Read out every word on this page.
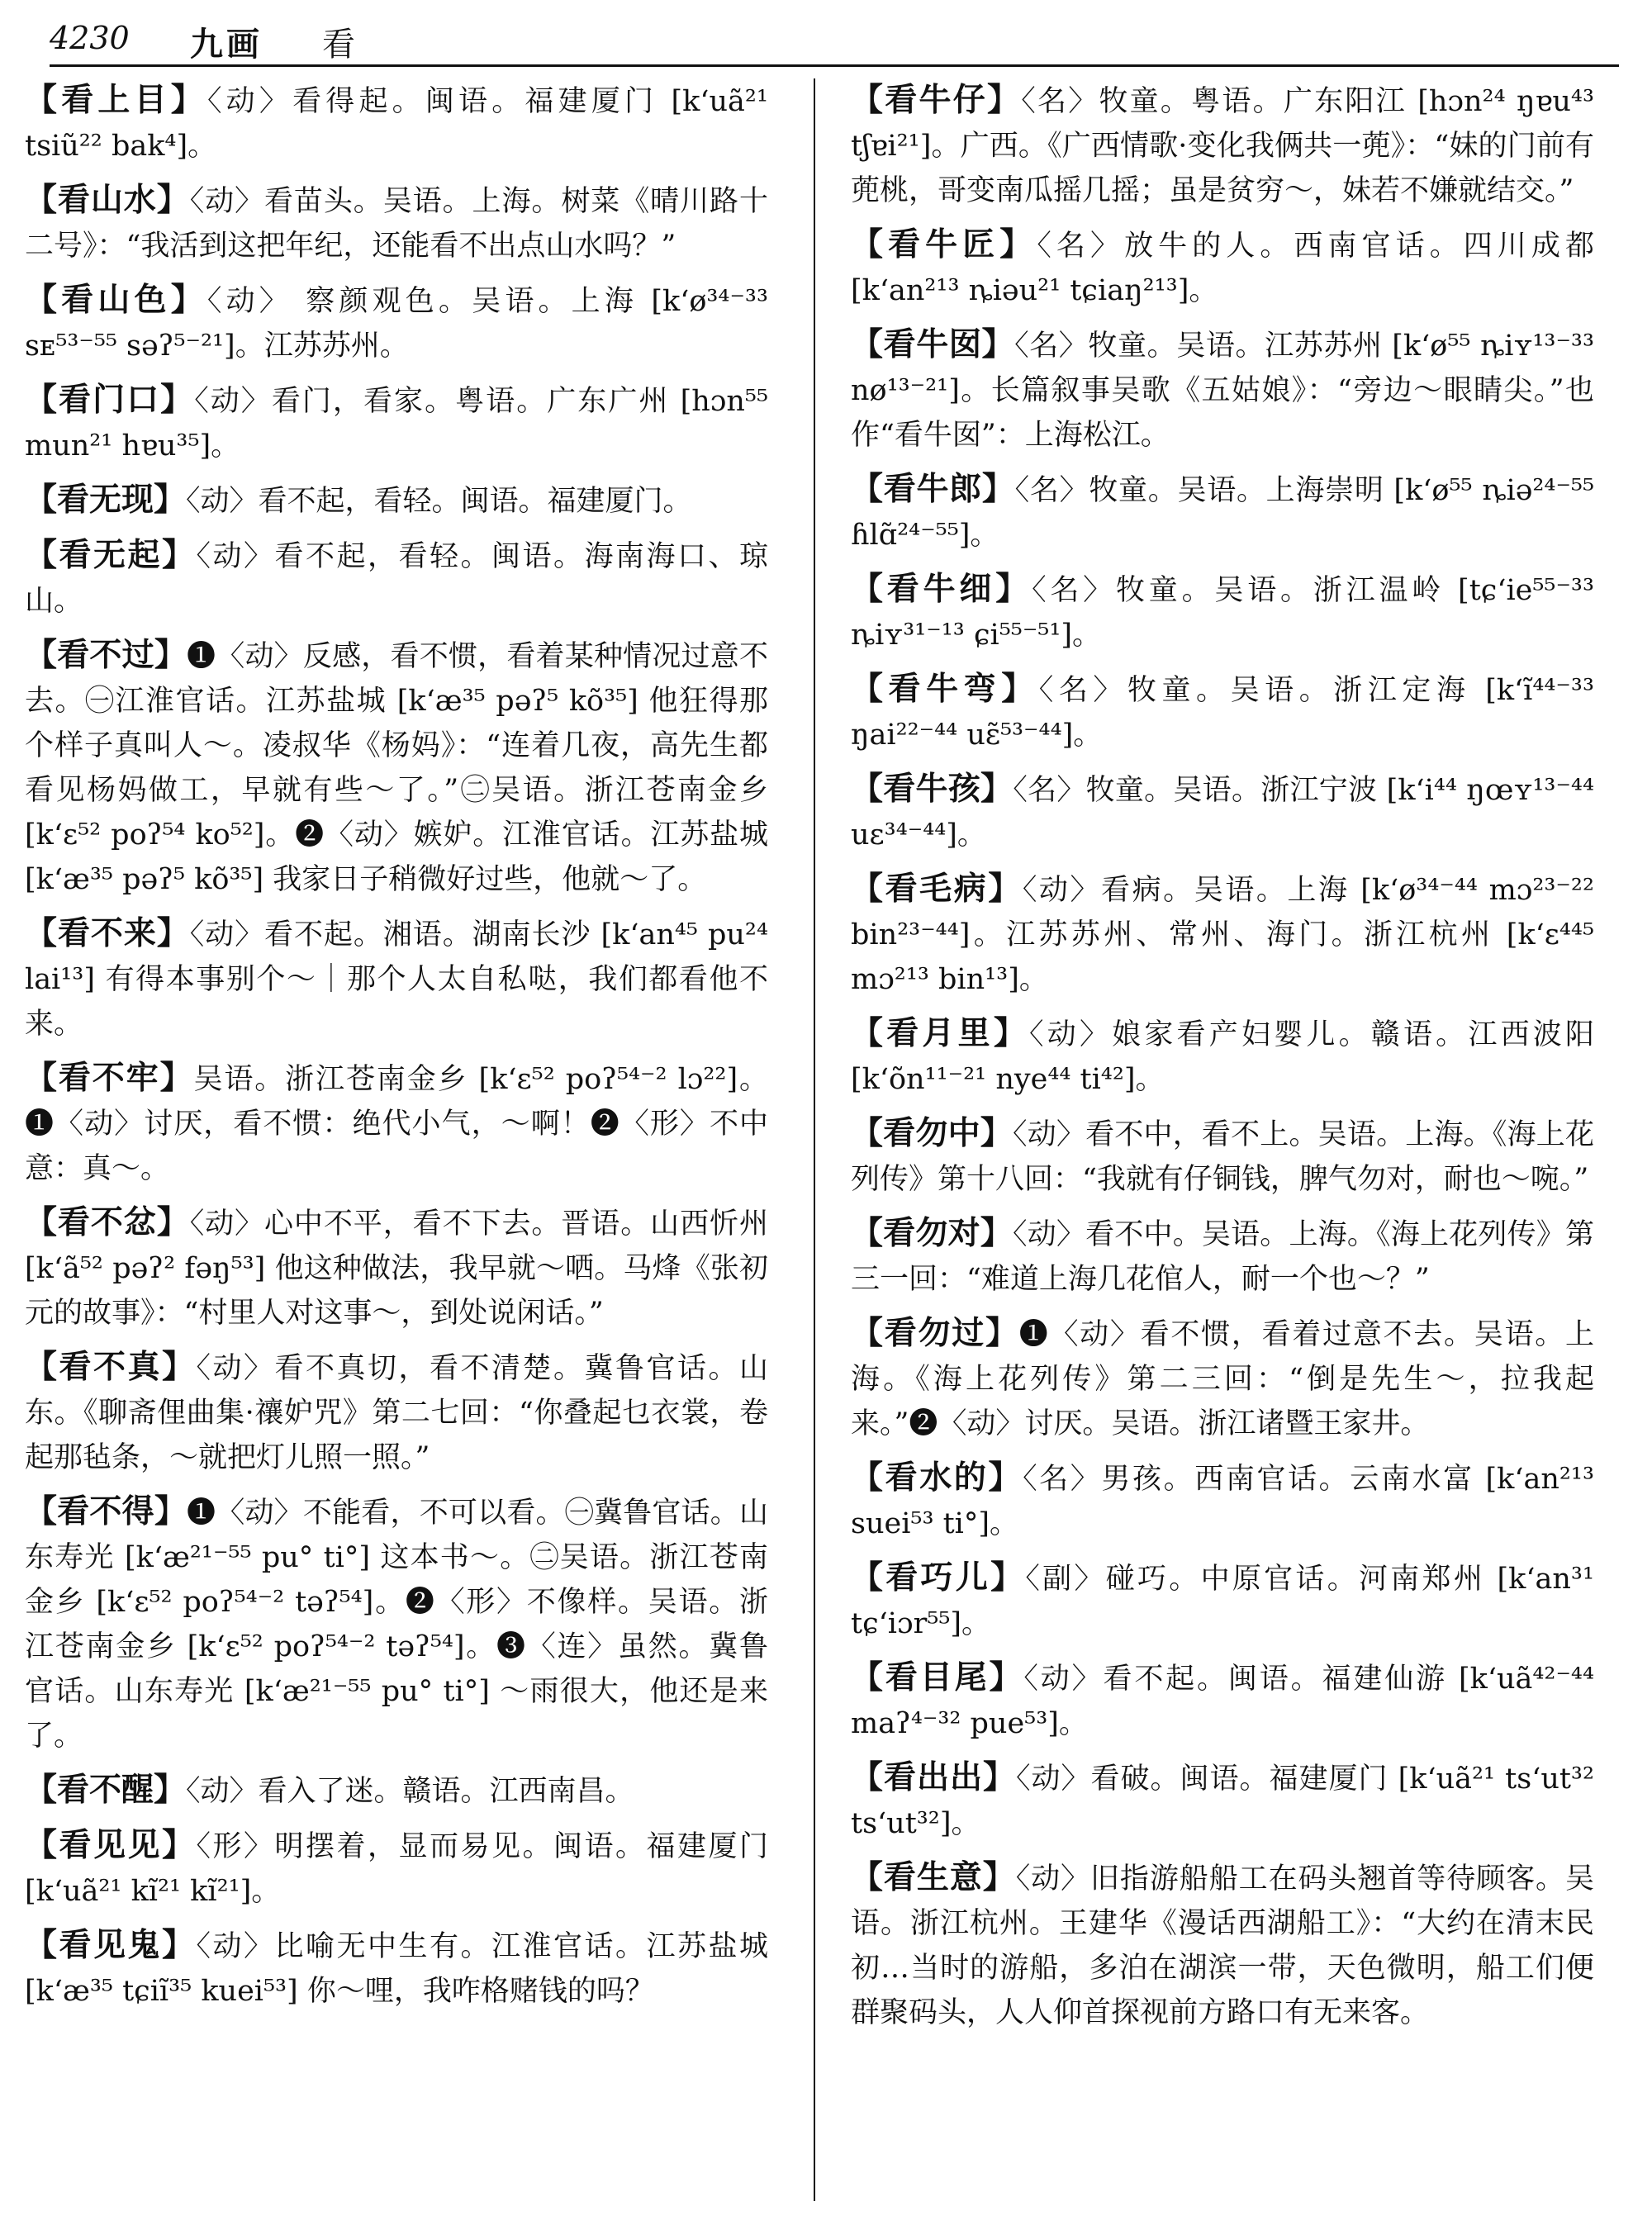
4230 九画 看

【看上目】〈动〉看得起。闽语。福建厦门 [k‘uã²¹ tsiũ²² bak⁴]。

【看山水】〈动〉看苗头。吴语。上海。树菜《晴川路十二号》：“我活到这把年纪，还能看不出点山水吗？”

【看山色】〈动〉 察颜观色。吴语。上海 [k‘ø³⁴⁻³³ sᴇ⁵³⁻⁵⁵ səʔ⁵⁻²¹]。江苏苏州。

【看门口】〈动〉看门，看家。粤语。广东广州 [hɔn⁵⁵ mun²¹ hɐu³⁵]。

【看无现】〈动〉看不起，看轻。闽语。福建厦门。

【看无起】〈动〉看不起，看轻。闽语。海南海口、琼山。

【看不过】❶〈动〉反感，看不惯，看着某种情况过意不去。㊀江淮官话。江苏盐城 [k‘æ³⁵ pəʔ⁵ kõ³⁵] 他狂得那个样子真叫人～。凌叔华《杨妈》：“连着几夜，高先生都看见杨妈做工，早就有些～了。”㊁吴语。浙江苍南金乡 [k‘ɛ⁵² poʔ⁵⁴ ko⁵²]。❷〈动〉嫉妒。江淮官话。江苏盐城 [k‘æ³⁵ pəʔ⁵ kõ³⁵] 我家日子稍微好过些，他就～了。

【看不来】〈动〉看不起。湘语。湖南长沙 [k‘an⁴⁵ pu²⁴ lai¹³] 有得本事别个～｜那个人太自私哒，我们都看他不来。

【看不牢】吴语。浙江苍南金乡 [k‘ɛ⁵² poʔ⁵⁴⁻² lɔ²²]。❶〈动〉讨厌，看不惯：绝代小气，～啊！❷〈形〉不中意：真～。

【看不忿】〈动〉心中不平，看不下去。晋语。山西忻州 [k‘ã⁵² pəʔ² fəŋ⁵³] 他这种做法，我早就～哂。马烽《张初元的故事》：“村里人对这事～，到处说闲话。”

【看不真】〈动〉看不真切，看不清楚。冀鲁官话。山东。《聊斋俚曲集·禳妒咒》第二七回：“你叠起乜衣裳，卷起那毡条，～就把灯儿照一照。”

【看不得】❶〈动〉不能看，不可以看。㊀冀鲁官话。山东寿光 [k‘æ²¹⁻⁵⁵ pu° ti°] 这本书～。㊁吴语。浙江苍南金乡 [k‘ɛ⁵² poʔ⁵⁴⁻² təʔ⁵⁴]。❷〈形〉不像样。吴语。浙江苍南金乡 [k‘ɛ⁵² poʔ⁵⁴⁻² təʔ⁵⁴]。❸〈连〉虽然。冀鲁官话。山东寿光 [k‘æ²¹⁻⁵⁵ pu° ti°] ～雨很大，他还是来了。

【看不醒】〈动〉看入了迷。赣语。江西南昌。

【看见见】〈形〉明摆着，显而易见。闽语。福建厦门 [k‘uã²¹ kĩ²¹ kĩ²¹]。

【看见鬼】〈动〉比喻无中生有。江淮官话。江苏盐城 [k‘æ³⁵ tɕiĩ³⁵ kuei⁵³] 你～哩，我咋格赌钱的吗？

【看牛仔】〈名〉牧童。粤语。广东阳江 [hɔn²⁴ ŋɐu⁴³ tʃɐi²¹]。广西。《广西情歌·变化我俩共一蔸》：“妹的门前有蔸桃，哥变南瓜摇几摇；虽是贫穷～，妹若不嫌就结交。”

【看牛匠】〈名〉放牛的人。西南官话。四川成都 [k‘an²¹³ ȵiəu²¹ tɕiaŋ²¹³]。

【看牛囡】〈名〉牧童。吴语。江苏苏州 [k‘ø⁵⁵ ȵiʏ¹³⁻³³ nø¹³⁻²¹]。长篇叙事吴歌《五姑娘》：“旁边～眼睛尖。”也作“看牛囡”：上海松江。

【看牛郎】〈名〉牧童。吴语。上海崇明 [k‘ø⁵⁵ ȵiə²⁴⁻⁵⁵ ɦlɑ̃²⁴⁻⁵⁵]。

【看牛细】〈名〉牧童。吴语。浙江温岭 [tɕ‘ie⁵⁵⁻³³ ȵiʏ³¹⁻¹³ ɕi⁵⁵⁻⁵¹]。

【看牛弯】〈名〉牧童。吴语。浙江定海 [k‘ĩ⁴⁴⁻³³ ŋai²²⁻⁴⁴ uɛ̃⁵³⁻⁴⁴]。

【看牛孩】〈名〉牧童。吴语。浙江宁波 [k‘i⁴⁴ ŋœʏ¹³⁻⁴⁴ uɛ³⁴⁻⁴⁴]。

【看毛病】〈动〉看病。吴语。上海 [k‘ø³⁴⁻⁴⁴ mɔ²³⁻²² bin²³⁻⁴⁴]。江苏苏州、常州、海门。浙江杭州 [k‘ɛ⁴⁴⁵ mɔ²¹³ bin¹³]。

【看月里】〈动〉娘家看产妇婴儿。赣语。江西波阳 [k‘õn¹¹⁻²¹ nye⁴⁴ ti⁴²]。

【看勿中】〈动〉看不中，看不上。吴语。上海。《海上花列传》第十八回：“我就有仔铜钱，脾气勿对，耐也～啘。”

【看勿对】〈动〉看不中。吴语。上海。《海上花列传》第三一回：“难道上海几花倌人，耐一个也～？”

【看勿过】❶〈动〉看不惯，看着过意不去。吴语。上海。《海上花列传》第二三回：“倒是先生～，拉我起来。”❷〈动〉讨厌。吴语。浙江诸暨王家井。

【看水的】〈名〉男孩。西南官话。云南水富 [k‘an²¹³ suei⁵³ ti°]。

【看巧儿】〈副〉碰巧。中原官话。河南郑州 [k‘an³¹ tɕ‘iɔr⁵⁵]。

【看目尾】〈动〉看不起。闽语。福建仙游 [k‘uã⁴²⁻⁴⁴ maʔ⁴⁻³² pue⁵³]。

【看出出】〈动〉看破。闽语。福建厦门 [k‘uã²¹ ts‘ut³² ts‘ut³²]。

【看生意】〈动〉旧指游船船工在码头翘首等待顾客。吴语。浙江杭州。王建华《漫话西湖船工》：“大约在清末民初…当时的游船，多泊在湖滨一带，天色微明，船工们便群聚码头，人人仰首探视前方路口有无来客。
